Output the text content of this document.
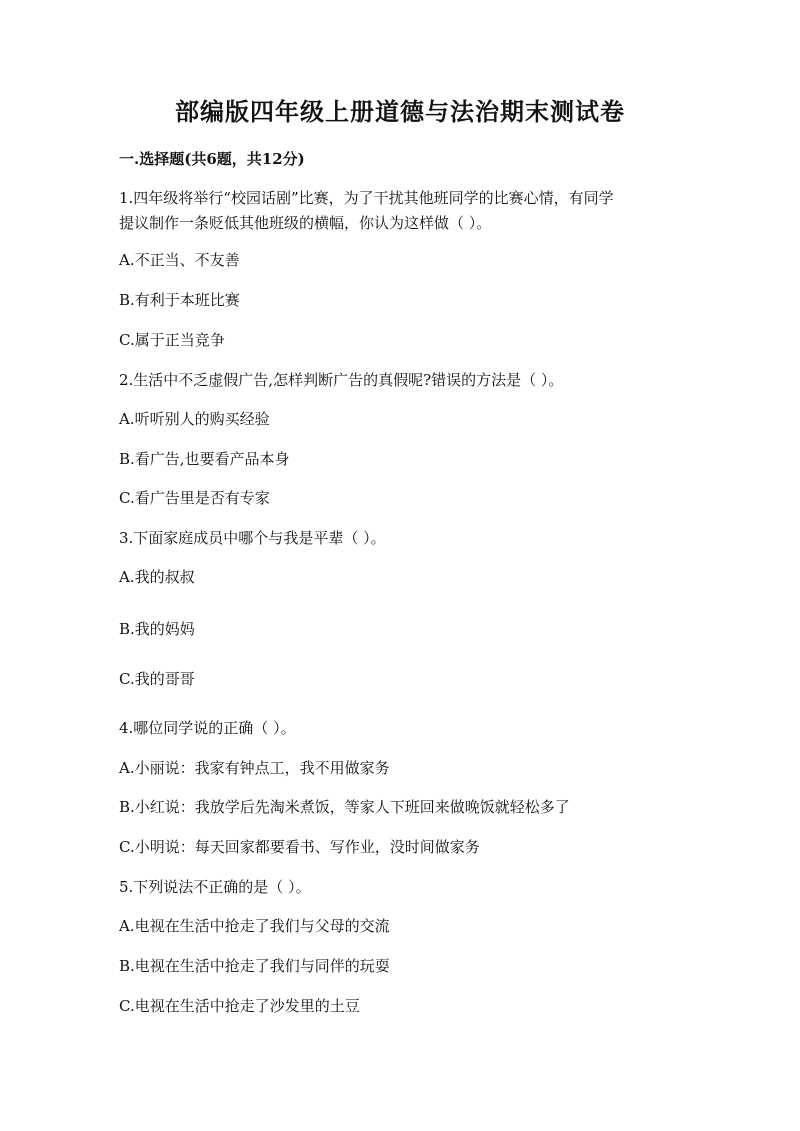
部编版四年级上册道德与法治期末测试卷
一.选择题(共6题，共12分)
1.四年级将举行“校园话剧”比赛，为了干扰其他班同学的比赛心情，有同学
提议制作一条贬低其他班级的横幅，你认为这样做（ ）。
A.不正当、不友善
B.有利于本班比赛
C.属于正当竞争
2.生活中不乏虚假广告,怎样判断广告的真假呢?错误的方法是（ ）。
A.听听别人的购买经验
B.看广告,也要看产品本身
C.看广告里是否有专家
3.下面家庭成员中哪个与我是平辈（ ）。
A.我的叔叔
B.我的妈妈
C.我的哥哥
4.哪位同学说的正确（ ）。
A.小丽说：我家有钟点工，我不用做家务
B.小红说：我放学后先淘米煮饭，等家人下班回来做晚饭就轻松多了
C.小明说：每天回家都要看书、写作业，没时间做家务
5.下列说法不正确的是（ ）。
A.电视在生活中抢走了我们与父母的交流
B.电视在生活中抢走了我们与同伴的玩耍
C.电视在生活中抢走了沙发里的土豆
